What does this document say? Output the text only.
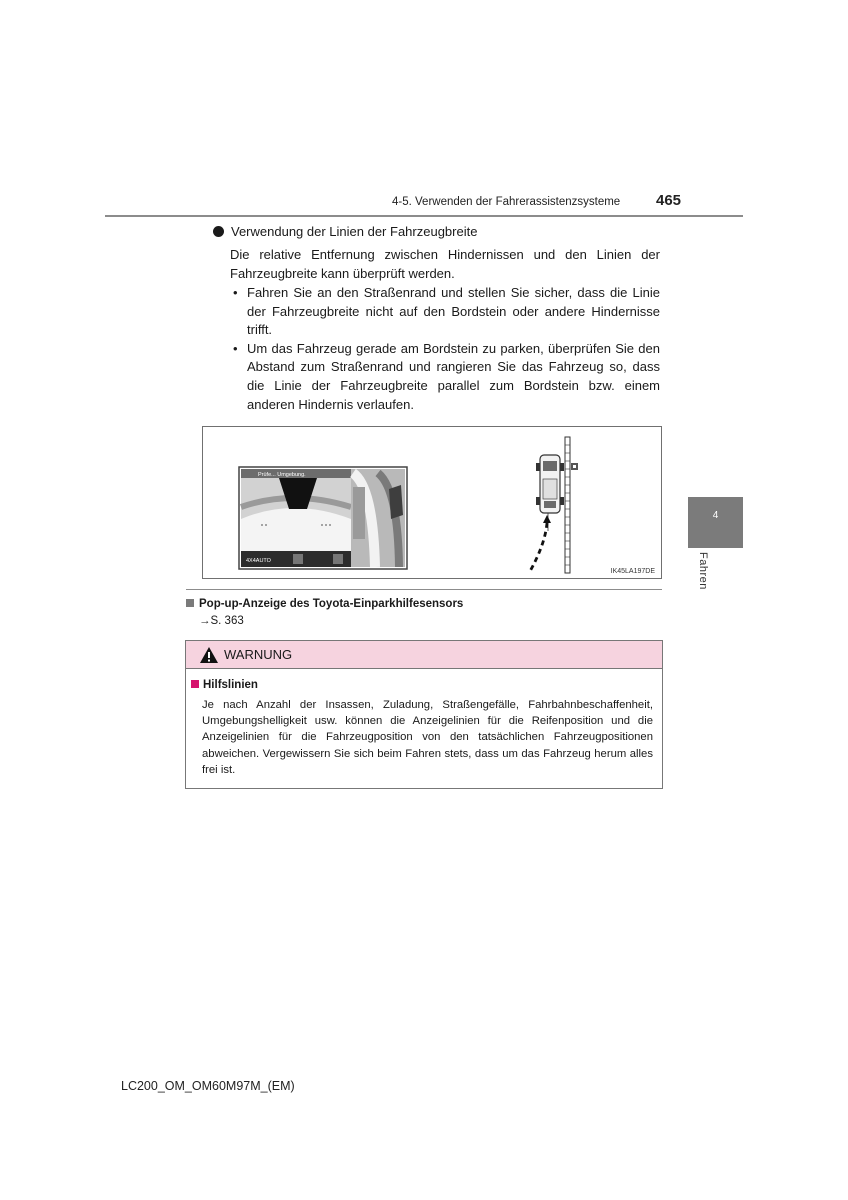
4-5. Verwenden der Fahrerassistenzsysteme 465
4
Fahren
Verwendung der Linien der Fahrzeugbreite

Die relative Entfernung zwischen Hindernissen und den Linien der Fahrzeugbreite kann überprüft werden.

• Fahren Sie an den Straßenrand und stellen Sie sicher, dass die Linie der Fahrzeugbreite nicht auf den Bordstein oder andere Hindernisse trifft.
• Um das Fahrzeug gerade am Bordstein zu parken, überprüfen Sie den Abstand zum Straßenrand und rangieren Sie das Fahrzeug so, dass die Linie der Fahrzeugbreite parallel zum Bordstein bzw. einem anderen Hindernis verlaufen.
Prüfe... Umgebung.
4X4AUTO
IK45LA197DE
Pop-up-Anzeige des Toyota-Einparkhilfesensors
→S. 363
WARNUNG
Hilfslinien

Je nach Anzahl der Insassen, Zuladung, Straßengefälle, Fahrbahnbeschaffenheit, Umgebungshelligkeit usw. können die Anzeigelinien für die Reifenposition und die Anzeigelinien für die Fahrzeugposition von den tatsächlichen Fahrzeugpositionen abweichen. Vergewissern Sie sich beim Fahren stets, dass um das Fahrzeug herum alles frei ist.

LC200_OM_OM60M97M_(EM)
